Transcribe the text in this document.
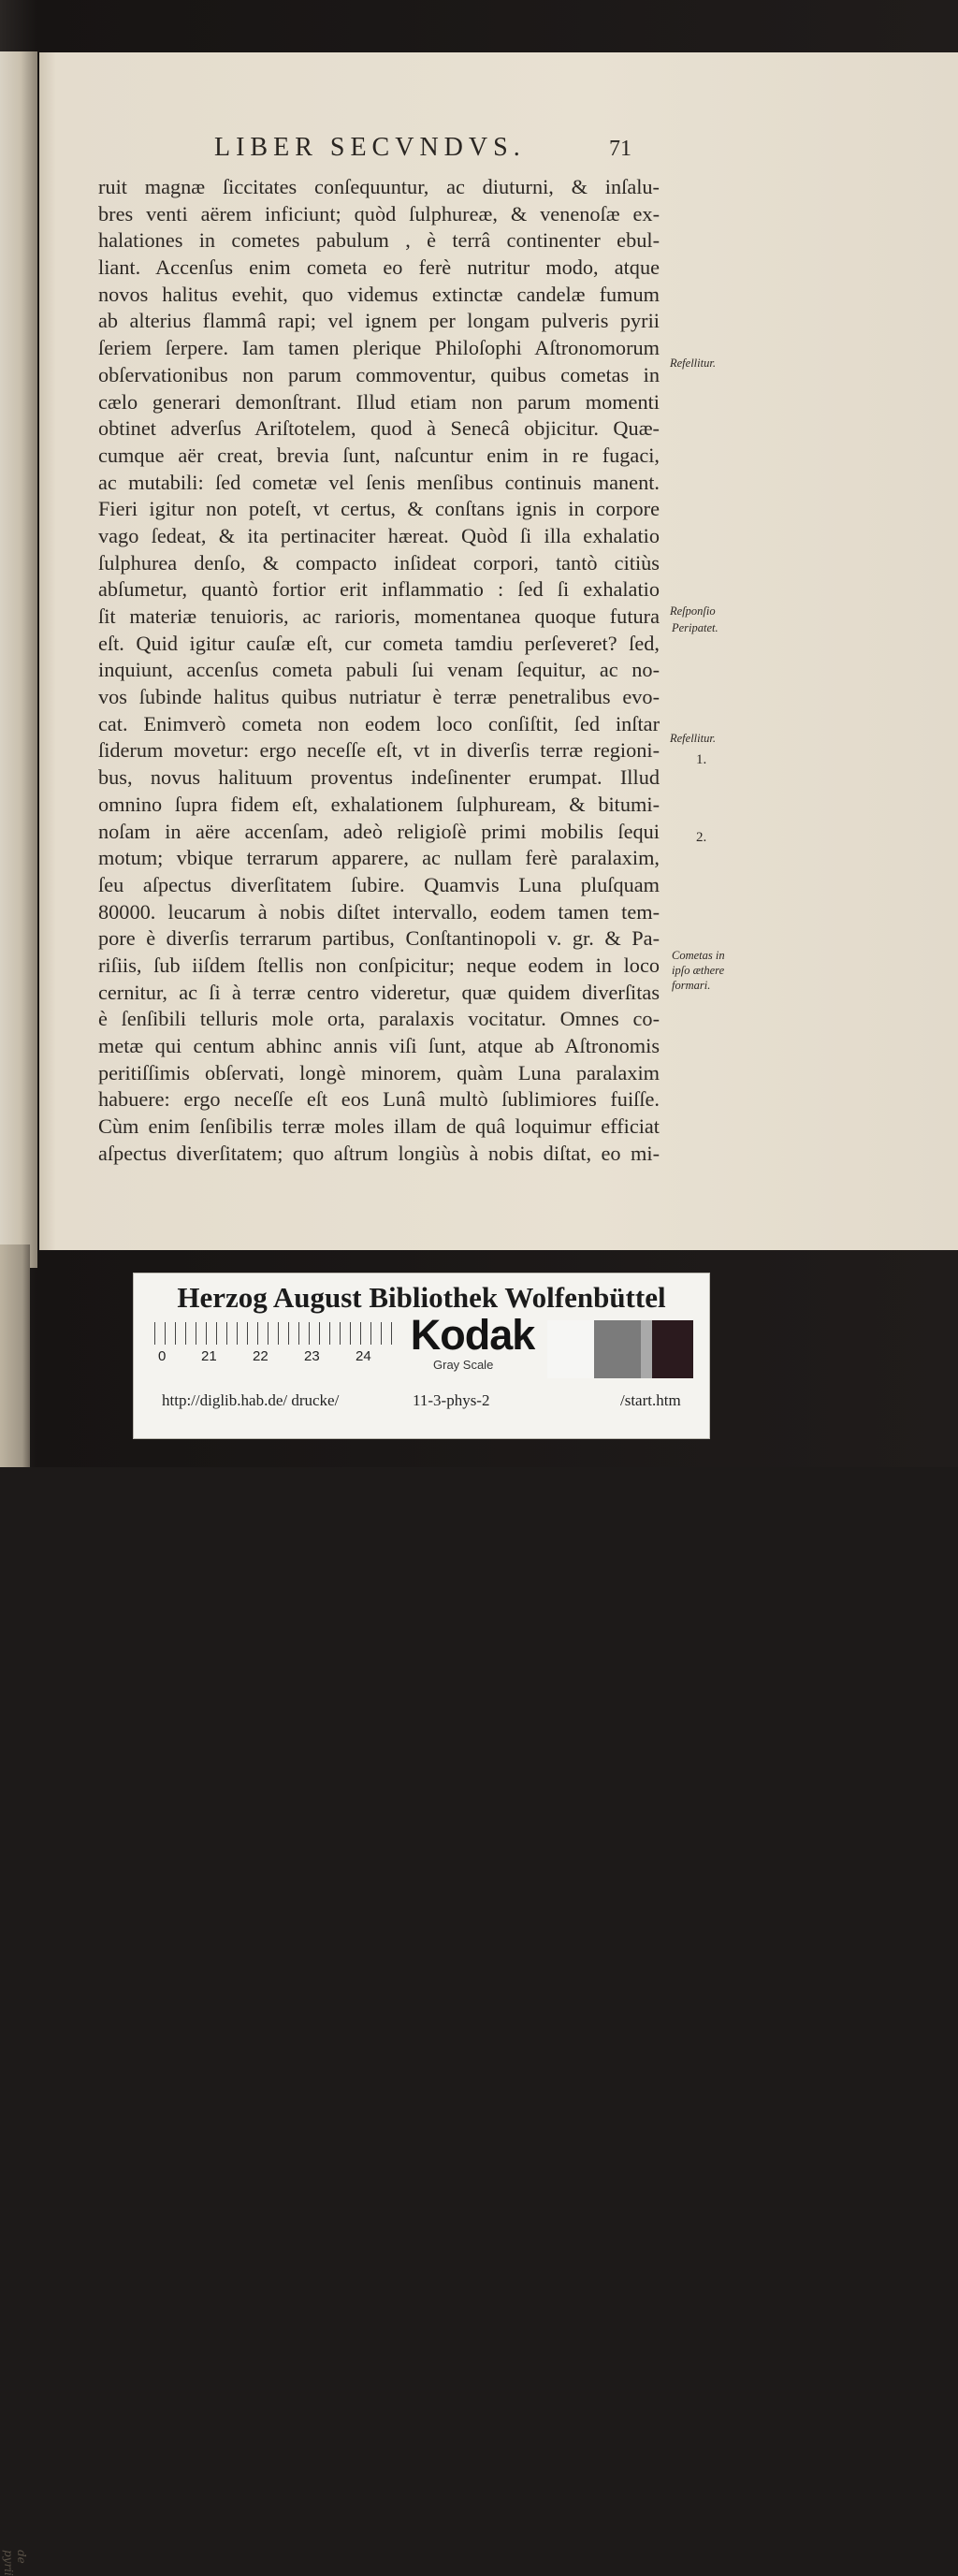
de pyrii
LIBER SECVNDVS.	71
ruit magnæ ſiccitates conſequuntur, ac diuturni, & inſalu-
bres venti aërem inficiunt; quòd ſulphureæ, & venenoſæ ex-
halationes in cometes pabulum , è terrâ continenter ebul-
liant. Accenſus enim cometa eo ferè nutritur modo, atque
novos halitus evehit, quo videmus extinctæ candelæ fumum
ab alterius flammâ rapi; vel ignem per longam pulveris pyrii
ſeriem ſerpere. Iam tamen plerique Philoſophi Aſtronomorum
obſervationibus non parum commoventur, quibus cometas in
cælo generari demonſtrant. Illud etiam non parum momenti
obtinet adverſus Ariſtotelem, quod à Senecâ objicitur. Quæ-
cumque aër creat, brevia ſunt, naſcuntur enim in re fugaci,
ac mutabili: ſed cometæ vel ſenis menſibus continuis manent.
Fieri igitur non poteſt, vt certus, & conſtans ignis in corpore
vago ſedeat, & ita pertinaciter hæreat. Quòd ſi illa exhalatio
ſulphurea denſo, & compacto inſideat corpori, tantò citiùs
abſumetur, quantò fortior erit inflammatio : ſed ſi exhalatio
ſit materiæ tenuioris, ac rarioris, momentanea quoque futura
eſt. Quid igitur cauſæ eſt, cur cometa tamdiu perſeveret? ſed,
inquiunt, accenſus cometa pabuli ſui venam ſequitur, ac no-
vos ſubinde halitus quibus nutriatur è terræ penetralibus evo-
cat. Enimverò cometa non eodem loco conſiſtit, ſed inſtar
ſiderum movetur: ergo neceſſe eſt, vt in diverſis terræ regioni-
bus, novus halituum proventus indeſinenter erumpat. Illud
omnino ſupra fidem eſt, exhalationem ſulphuream, & bitumi-
noſam in aëre accenſam, adeò religioſè primi mobilis ſequi
motum; vbique terrarum apparere, ac nullam ferè paralaxim,
ſeu aſpectus diverſitatem ſubire. Quamvis Luna pluſquam
80000. leucarum à nobis diſtet intervallo, eodem tamen tem-
pore è diverſis terrarum partibus, Conſtantinopoli v. gr. & Pa-
riſiis, ſub iiſdem ſtellis non conſpicitur; neque eodem in loco
cernitur, ac ſi à terræ centro videretur, quæ quidem diverſitas
è ſenſibili telluris mole orta, paralaxis vocitatur. Omnes co-
metæ qui centum abhinc annis viſi ſunt, atque ab Aſtronomis
peritiſſimis obſervati, longè minorem, quàm Luna paralaxim
habuere: ergo neceſſe eſt eos Lunâ multò ſublimiores fuiſſe.
Cùm enim ſenſibilis terræ moles illam de quâ loquimur efficiat
aſpectus diverſitatem; quo aſtrum longiùs à nobis diſtat, eo mi-
Refellitur.
Reſponſio
Peripatet.
Refellitur.
1.
2.
Cometas in
ipſo æthere
formari.
Herzog August Bibliothek Wolfenbüttel
0	21	22	23	24 Kodak
Gray Scale
http://diglib.hab.de/ drucke/	11-3-phys-2	/start.htm
